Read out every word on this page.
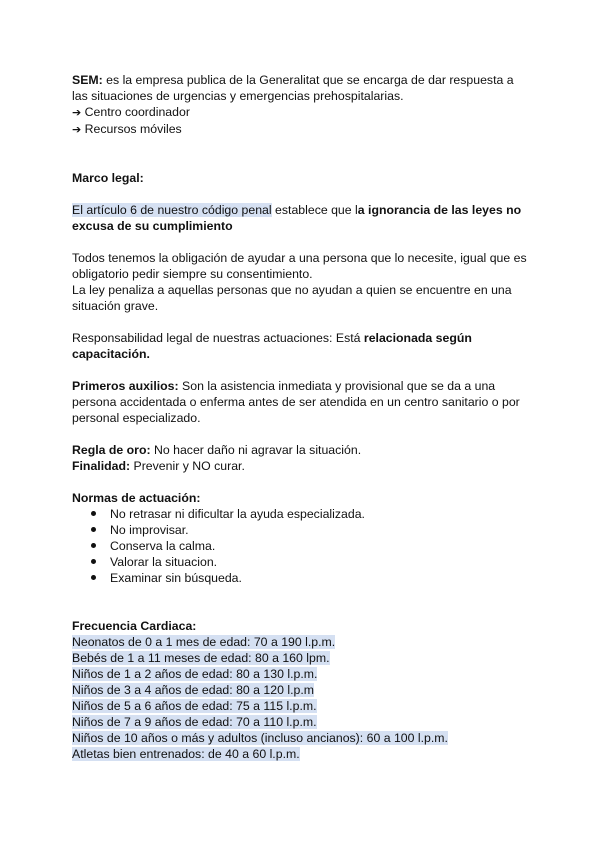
SEM: es la empresa publica de la Generalitat que se encarga de dar respuesta a las situaciones de urgencias y emergencias prehospitalarias.

➔ Centro coordinador

➔ Recursos móviles

Marco legal:

El artículo 6 de nuestro código penal establece que la ignorancia de las leyes no excusa de su cumplimiento

Todos tenemos la obligación de ayudar a una persona que lo necesite, igual que es obligatorio pedir siempre su consentimiento.

La ley penaliza a aquellas personas que no ayudan a quien se encuentre en una situación grave.

Responsabilidad legal de nuestras actuaciones: Está relacionada según capacitación.

Primeros auxilios: Son la asistencia inmediata y provisional que se da a una persona accidentada o enferma antes de ser atendida en un centro sanitario o por personal especializado.

Regla de oro: No hacer daño ni agravar la situación.

Finalidad: Prevenir y NO curar.

Normas de actuación:

No retrasar ni dificultar la ayuda especializada.
No improvisar.
Conserva la calma.
Valorar la situacion.
Examinar sin búsqueda.

Frecuencia Cardiaca:

Neonatos de 0 a 1 mes de edad: 70 a 190 l.p.m.

Bebés de 1 a 11 meses de edad: 80 a 160 lpm.

Niños de 1 a 2 años de edad: 80 a 130 l.p.m.

Niños de 3 a 4 años de edad: 80 a 120 l.p.m

Niños de 5 a 6 años de edad: 75 a 115 l.p.m.

Niños de 7 a 9 años de edad: 70 a 110 l.p.m.

Niños de 10 años o más y adultos (incluso ancianos): 60 a 100 l.p.m.

Atletas bien entrenados: de 40 a 60 l.p.m.
